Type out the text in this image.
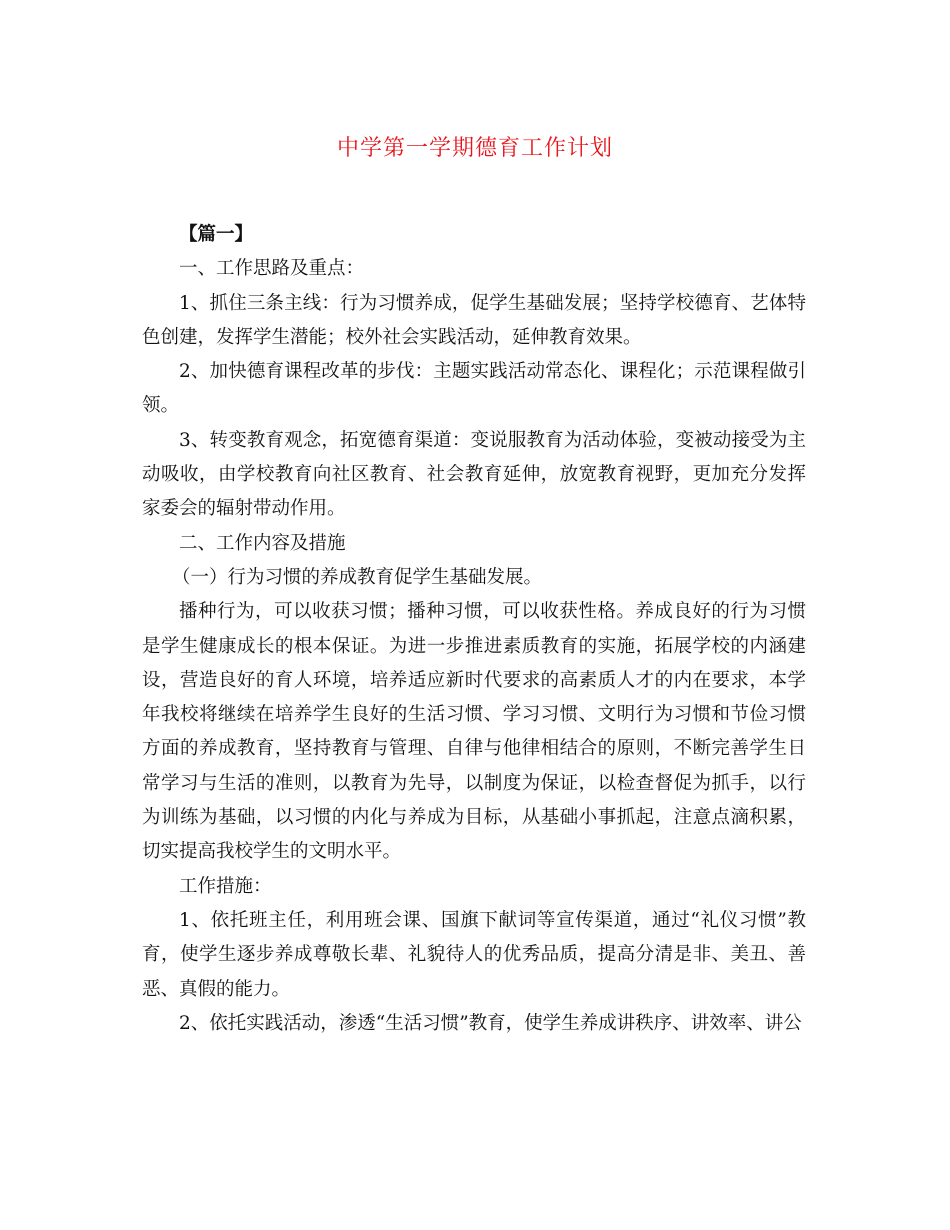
中学第一学期德育工作计划

【篇一】

一、工作思路及重点：

1、抓住三条主线：行为习惯养成，促学生基础发展；坚持学校德育、艺体特色创建，发挥学生潜能；校外社会实践活动，延伸教育效果。

2、加快德育课程改革的步伐：主题实践活动常态化、课程化；示范课程做引领。

3、转变教育观念，拓宽德育渠道：变说服教育为活动体验，变被动接受为主动吸收，由学校教育向社区教育、社会教育延伸，放宽教育视野，更加充分发挥家委会的辐射带动作用。

二、工作内容及措施

（一）行为习惯的养成教育促学生基础发展。

播种行为，可以收获习惯；播种习惯，可以收获性格。养成良好的行为习惯是学生健康成长的根本保证。为进一步推进素质教育的实施，拓展学校的内涵建设，营造良好的育人环境，培养适应新时代要求的高素质人才的内在要求，本学年我校将继续在培养学生良好的生活习惯、学习习惯、文明行为习惯和节俭习惯方面的养成教育，坚持教育与管理、自律与他律相结合的原则，不断完善学生日常学习与生活的准则，以教育为先导，以制度为保证，以检查督促为抓手，以行为训练为基础，以习惯的内化与养成为目标，从基础小事抓起，注意点滴积累，切实提高我校学生的文明水平。

工作措施：

1、依托班主任，利用班会课、国旗下献词等宣传渠道，通过“礼仪习惯”教育，使学生逐步养成尊敬长辈、礼貌待人的优秀品质，提高分清是非、美丑、善恶、真假的能力。

2、依托实践活动，渗透“生活习惯”教育，使学生养成讲秩序、讲效率、讲公
